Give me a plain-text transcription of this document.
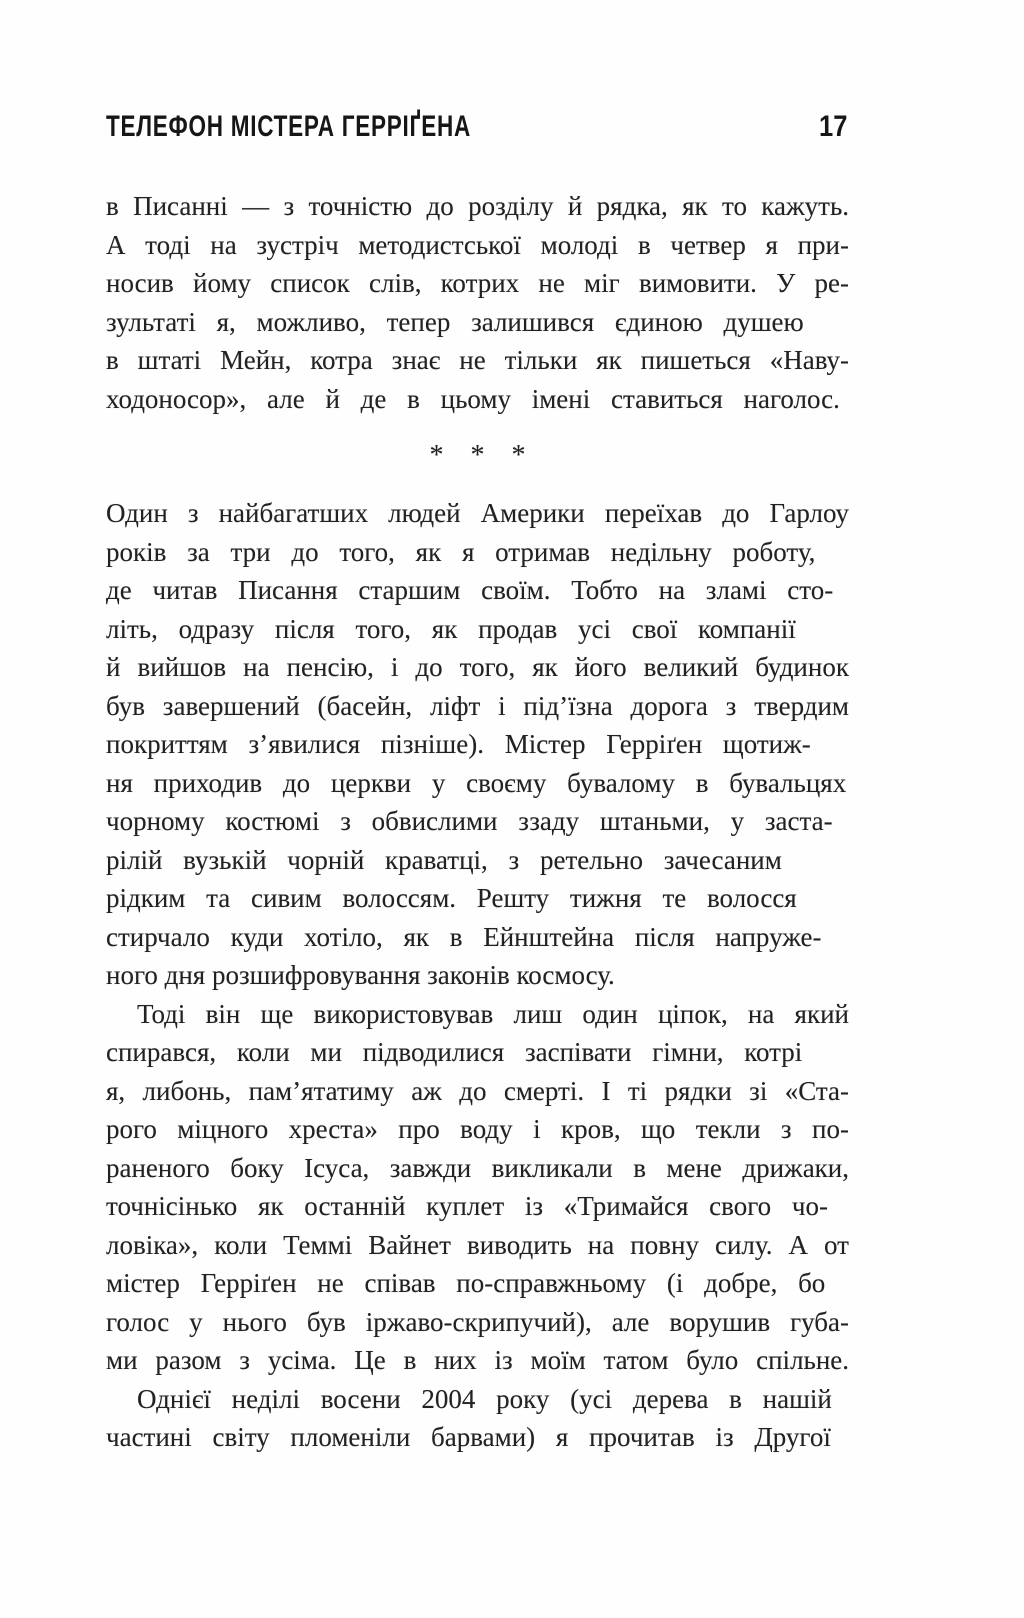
ТЕЛЕФОН МІСТЕРА ГЕРРІҐЕНА	17
в Писанні — з точністю до розділу й рядка, як то кажуть.
А тоді на зустріч методистської молоді в четвер я при-
носив йому список слів, котрих не міг вимовити. У ре-
зультаті я, можливо, тепер залишився єдиною душею
в штаті Мейн, котра знає не тільки як пишеться «Наву-
ходоносор», але й де в цьому імені ставиться наголос.
* * *
Один з найбагатших людей Америки переїхав до Гарлоу
років за три до того, як я отримав недільну роботу,
де читав Писання старшим своїм. Тобто на зламі сто-
літь, одразу після того, як продав усі свої компанії
й вийшов на пенсію, і до того, як його великий будинок
був завершений (басейн, ліфт і під’їзна дорога з твердим
покриттям з’явилися пізніше). Містер Герріґен щотиж-
ня приходив до церкви у своєму бувалому в бувальцях
чорному костюмі з обвислими ззаду штаньми, у заста-
рілій вузькій чорній краватці, з ретельно зачесаним
рідким та сивим волоссям. Решту тижня те волосся
стирчало куди хотіло, як в Ейнштейна після напруже-
ного дня розшифровування законів космосу.
Тоді він ще використовував лиш один ціпок, на який
спирався, коли ми підводилися заспівати гімни, котрі
я, либонь, пам’ятатиму аж до смерті. І ті рядки зі «Ста-
рого міцного хреста» про воду і кров, що текли з по-
раненого боку Ісуса, завжди викликали в мене дрижаки,
точнісінько як останній куплет із «Тримайся свого чо-
ловіка», коли Теммі Вайнет виводить на повну силу. А от
містер Герріґен не співав по-справжньому (і добре, бо
голос у нього був іржаво-скрипучий), але ворушив губа-
ми разом з усіма. Це в них із моїм татом було спільне.
Однієї неділі восени 2004 року (усі дерева в нашій
частині світу пломеніли барвами) я прочитав із Другої
